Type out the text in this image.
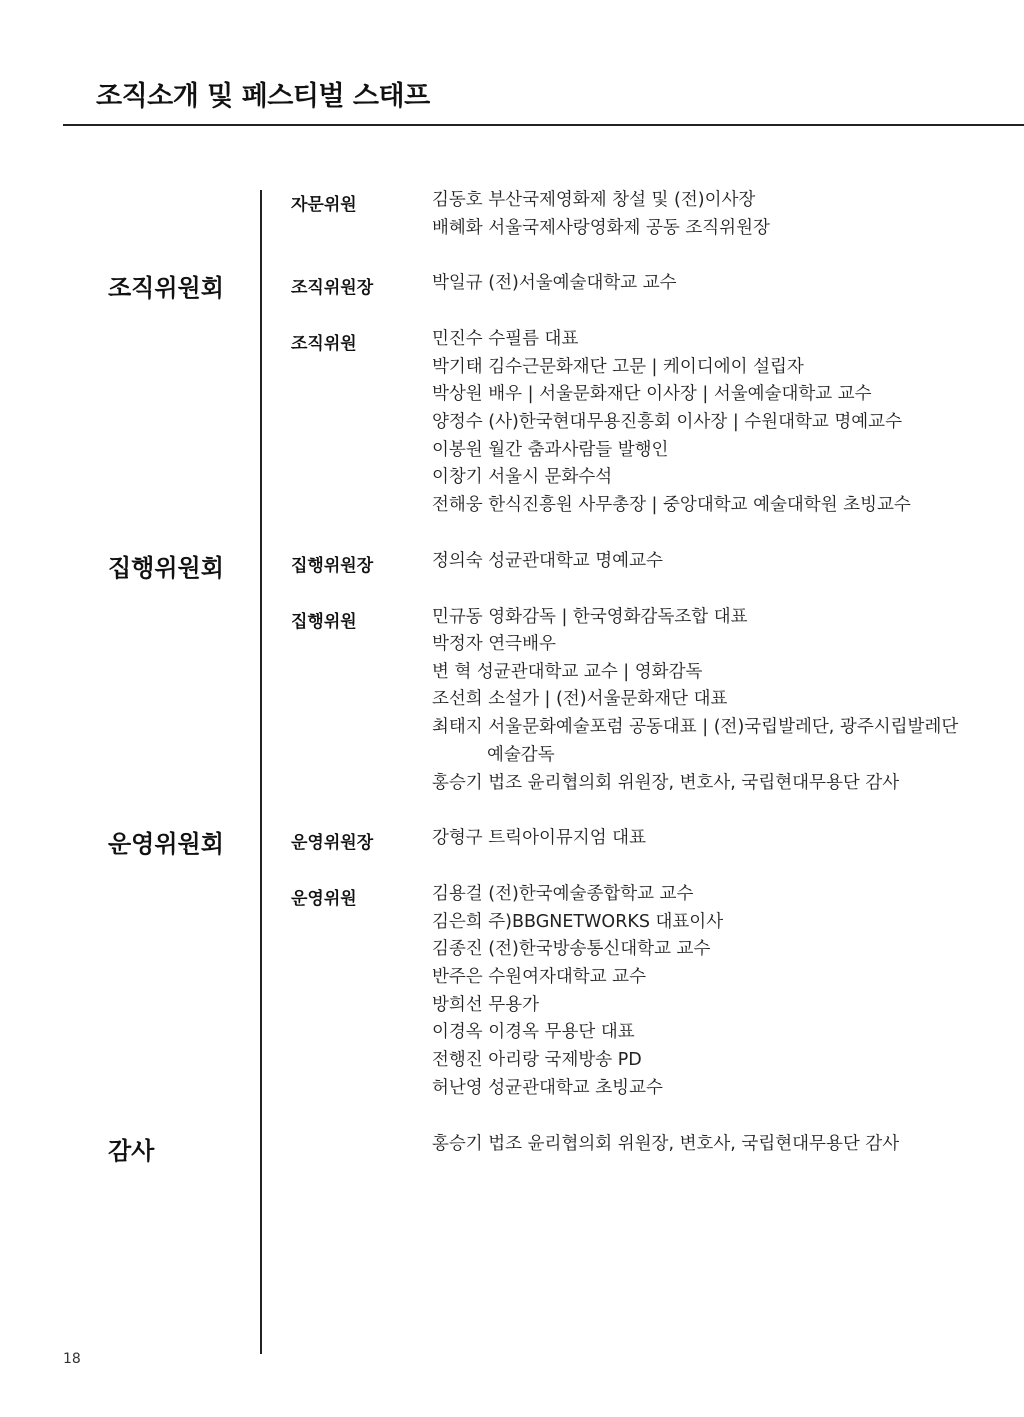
조직소개 및 페스티벌 스태프
조직위원회
집행위원회
운영위원회
감사
자문위원
조직위원장
조직위원
집행위원장
집행위원
운영위원장
운영위원
김동호 부산국제영화제 창설 및 (전)이사장
배혜화 서울국제사랑영화제 공동 조직위원장
박일규 (전)서울예술대학교 교수
민진수 수필름 대표
박기태 김수근문화재단 고문 | 케이디에이 설립자
박상원 배우 | 서울문화재단 이사장 | 서울예술대학교 교수
양정수 (사)한국현대무용진흥회 이사장 | 수원대학교 명예교수
이봉원 월간 춤과사람들 발행인
이창기 서울시 문화수석
전해웅 한식진흥원 사무총장 | 중앙대학교 예술대학원 초빙교수
정의숙 성균관대학교 명예교수
민규동 영화감독 | 한국영화감독조합 대표
박정자 연극배우
변 혁 성균관대학교 교수 | 영화감독
조선희 소설가 | (전)서울문화재단 대표
최태지 서울문화예술포럼 공동대표 | (전)국립발레단, 광주시립발레단
예술감독
홍승기 법조 윤리협의회 위원장, 변호사, 국립현대무용단 감사
강형구 트릭아이뮤지엄 대표
김용걸 (전)한국예술종합학교 교수
김은희 주)BBGNETWORKS 대표이사
김종진 (전)한국방송통신대학교 교수
반주은 수원여자대학교 교수
방희선 무용가
이경옥 이경옥 무용단 대표
전행진 아리랑 국제방송 PD
허난영 성균관대학교 초빙교수
홍승기 법조 윤리협의회 위원장, 변호사, 국립현대무용단 감사
18
